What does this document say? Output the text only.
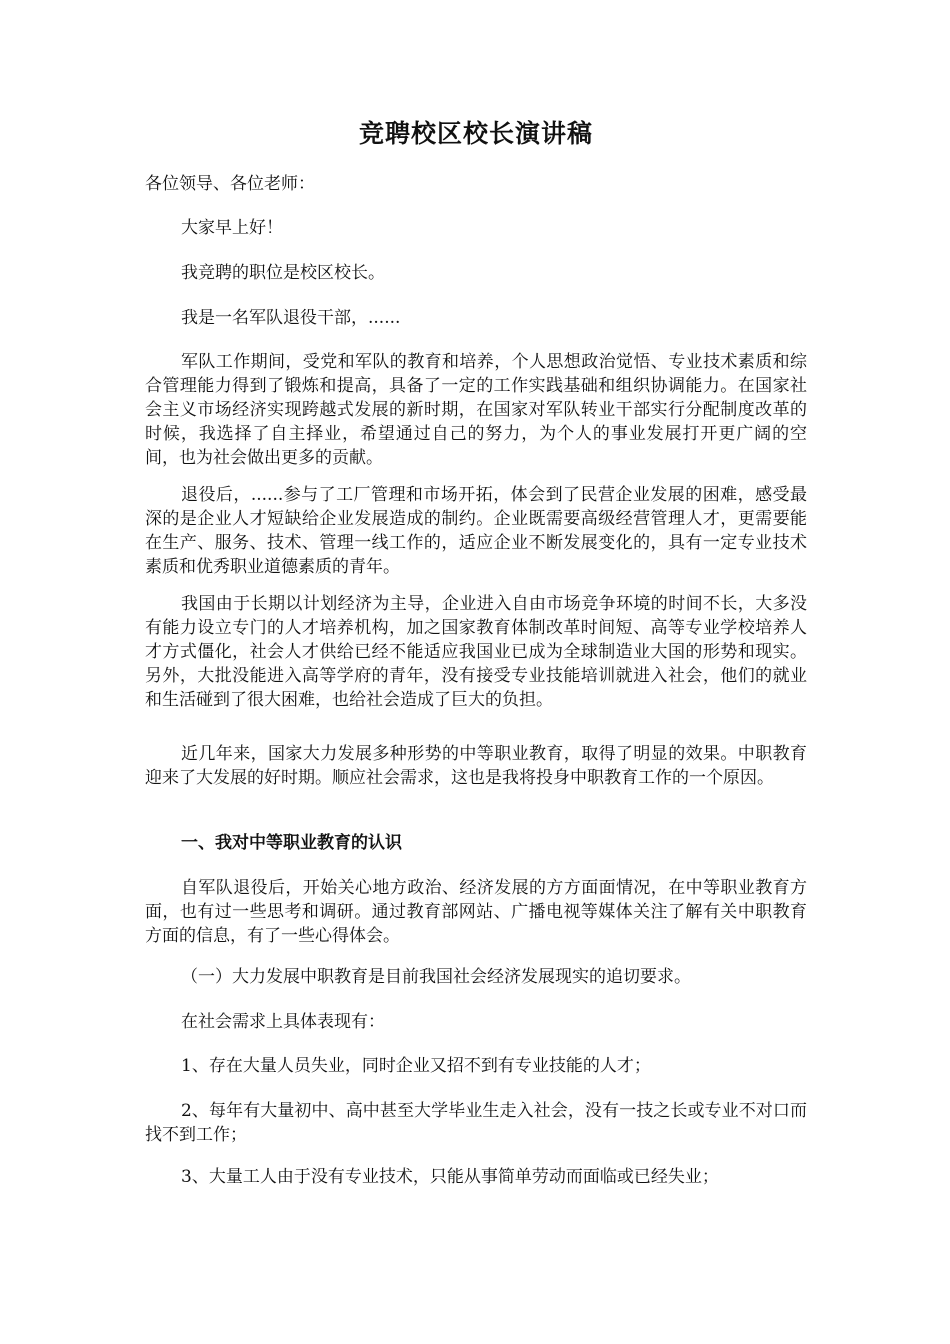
竞聘校区校长演讲稿

各位领导、各位老师：

大家早上好！

我竞聘的职位是校区校长。

我是一名军队退役干部，......

军队工作期间，受党和军队的教育和培养，个人思想政治觉悟、专业技术素质和综合管理能力得到了锻炼和提高，具备了一定的工作实践基础和组织协调能力。在国家社会主义市场经济实现跨越式发展的新时期，在国家对军队转业干部实行分配制度改革的时候，我选择了自主择业，希望通过自己的努力，为个人的事业发展打开更广阔的空间，也为社会做出更多的贡献。

退役后，......参与了工厂管理和市场开拓，体会到了民营企业发展的困难，感受最深的是企业人才短缺给企业发展造成的制约。企业既需要高级经营管理人才，更需要能在生产、服务、技术、管理一线工作的，适应企业不断发展变化的，具有一定专业技术素质和优秀职业道德素质的青年。

我国由于长期以计划经济为主导，企业进入自由市场竞争环境的时间不长，大多没有能力设立专门的人才培养机构，加之国家教育体制改革时间短、高等专业学校培养人才方式僵化，社会人才供给已经不能适应我国业已成为全球制造业大国的形势和现实。另外，大批没能进入高等学府的青年，没有接受专业技能培训就进入社会，他们的就业和生活碰到了很大困难，也给社会造成了巨大的负担。

近几年来，国家大力发展多种形势的中等职业教育，取得了明显的效果。中职教育迎来了大发展的好时期。顺应社会需求，这也是我将投身中职教育工作的一个原因。

一、我对中等职业教育的认识

自军队退役后，开始关心地方政治、经济发展的方方面面情况，在中等职业教育方面，也有过一些思考和调研。通过教育部网站、广播电视等媒体关注了解有关中职教育方面的信息，有了一些心得体会。

（一）大力发展中职教育是目前我国社会经济发展现实的追切要求。

在社会需求上具体表现有：

1、存在大量人员失业，同时企业又招不到有专业技能的人才；

2、每年有大量初中、高中甚至大学毕业生走入社会，没有一技之长或专业不对口而找不到工作；

3、大量工人由于没有专业技术，只能从事简单劳动而面临或已经失业；
